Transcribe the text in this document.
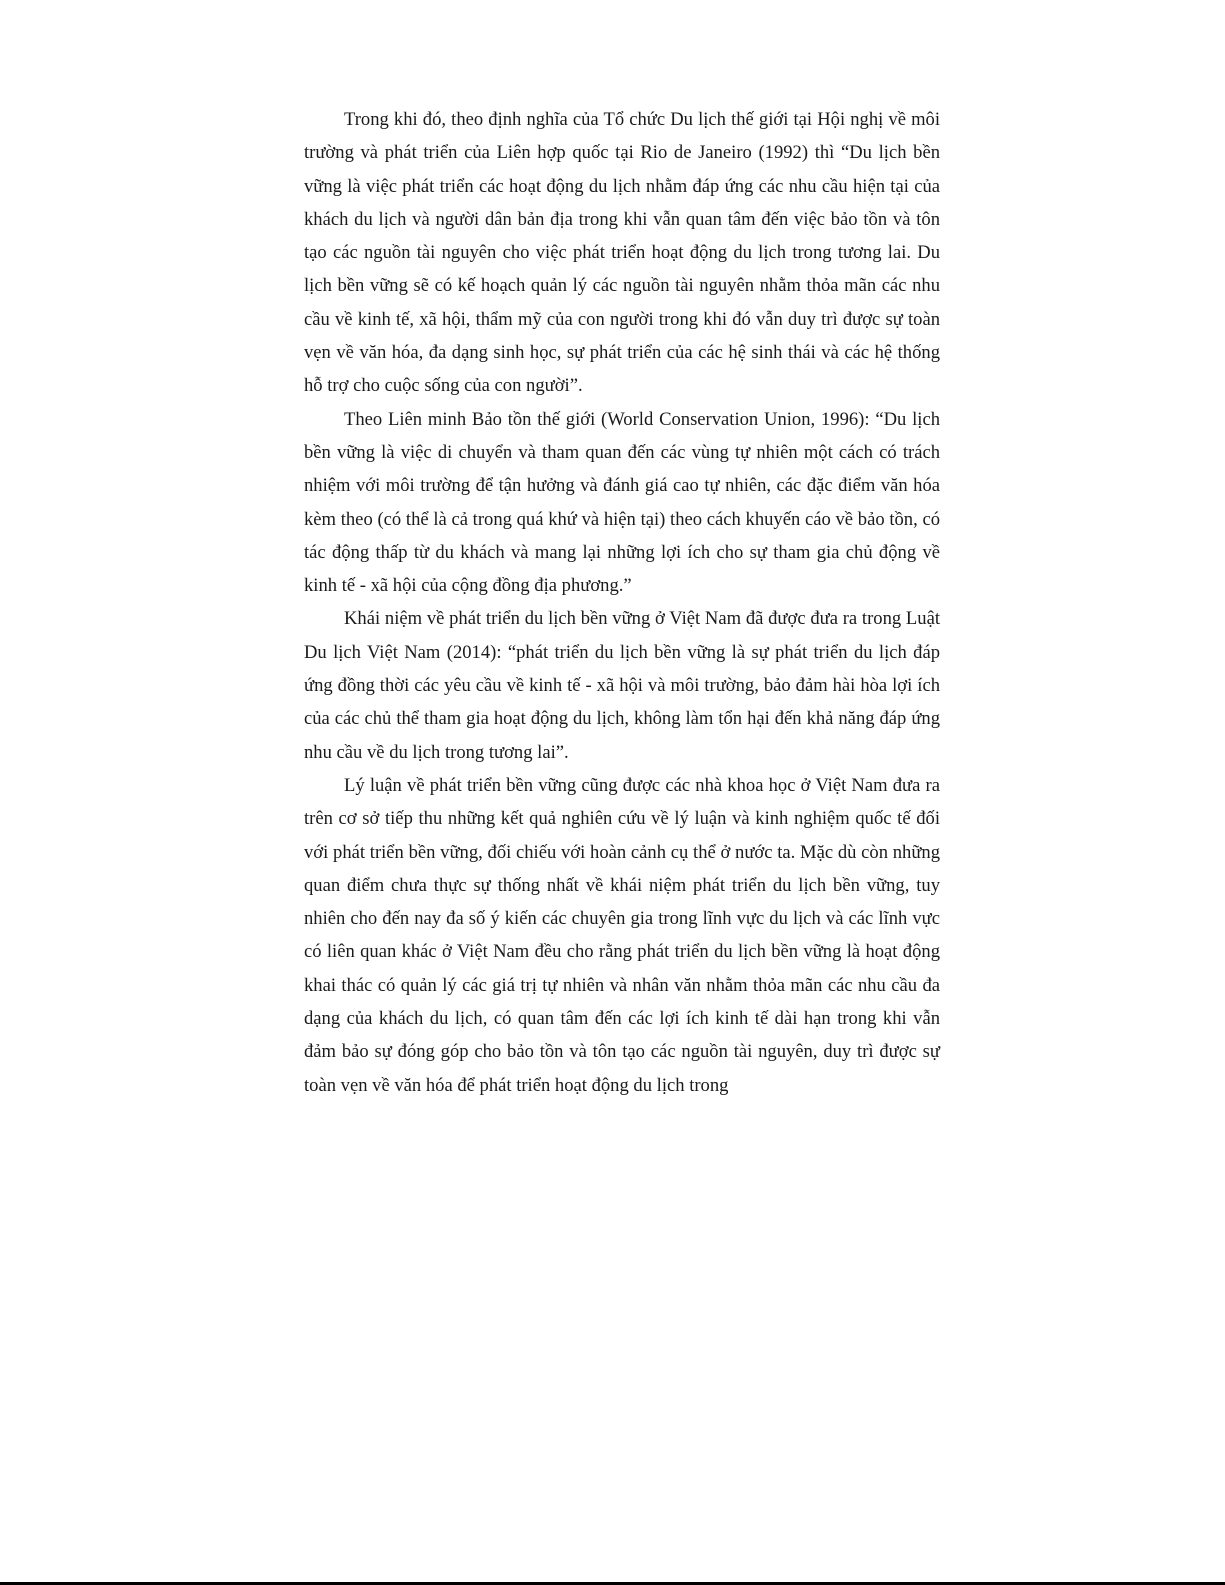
Trong khi đó, theo định nghĩa của Tổ chức Du lịch thế giới tại Hội nghị về môi trường và phát triển của Liên hợp quốc tại Rio de Janeiro (1992) thì “Du lịch bền vững là việc phát triển các hoạt động du lịch nhằm đáp ứng các nhu cầu hiện tại của khách du lịch và người dân bản địa trong khi vẫn quan tâm đến việc bảo tồn và tôn tạo các nguồn tài nguyên cho việc phát triển hoạt động du lịch trong tương lai. Du lịch bền vững sẽ có kế hoạch quản lý các nguồn tài nguyên nhằm thỏa mãn các nhu cầu về kinh tế, xã hội, thẩm mỹ của con người trong khi đó vẫn duy trì được sự toàn vẹn về văn hóa, đa dạng sinh học, sự phát triển của các hệ sinh thái và các hệ thống hỗ trợ cho cuộc sống của con người”.

Theo Liên minh Bảo tồn thế giới (World Conservation Union, 1996): “Du lịch bền vững là việc di chuyển và tham quan đến các vùng tự nhiên một cách có trách nhiệm với môi trường để tận hưởng và đánh giá cao tự nhiên, các đặc điểm văn hóa kèm theo (có thể là cả trong quá khứ và hiện tại) theo cách khuyến cáo về bảo tồn, có tác động thấp từ du khách và mang lại những lợi ích cho sự tham gia chủ động về kinh tế - xã hội của cộng đồng địa phương.”

Khái niệm về phát triển du lịch bền vững ở Việt Nam đã được đưa ra trong Luật Du lịch Việt Nam (2014): “phát triển du lịch bền vững là sự phát triển du lịch đáp ứng đồng thời các yêu cầu về kinh tế - xã hội và môi trường, bảo đảm hài hòa lợi ích của các chủ thể tham gia hoạt động du lịch, không làm tổn hại đến khả năng đáp ứng nhu cầu về du lịch trong tương lai”.

Lý luận về phát triển bền vững cũng được các nhà khoa học ở Việt Nam đưa ra trên cơ sở tiếp thu những kết quả nghiên cứu về lý luận và kinh nghiệm quốc tế đối với phát triển bền vững, đối chiếu với hoàn cảnh cụ thể ở nước ta. Mặc dù còn những quan điểm chưa thực sự thống nhất về khái niệm phát triển du lịch bền vững, tuy nhiên cho đến nay đa số ý kiến các chuyên gia trong lĩnh vực du lịch và các lĩnh vực có liên quan khác ở Việt Nam đều cho rằng phát triển du lịch bền vững là hoạt động khai thác có quản lý các giá trị tự nhiên và nhân văn nhằm thỏa mãn các nhu cầu đa dạng của khách du lịch, có quan tâm đến các lợi ích kinh tế dài hạn trong khi vẫn đảm bảo sự đóng góp cho bảo tồn và tôn tạo các nguồn tài nguyên, duy trì được sự toàn vẹn về văn hóa để phát triển hoạt động du lịch trong
